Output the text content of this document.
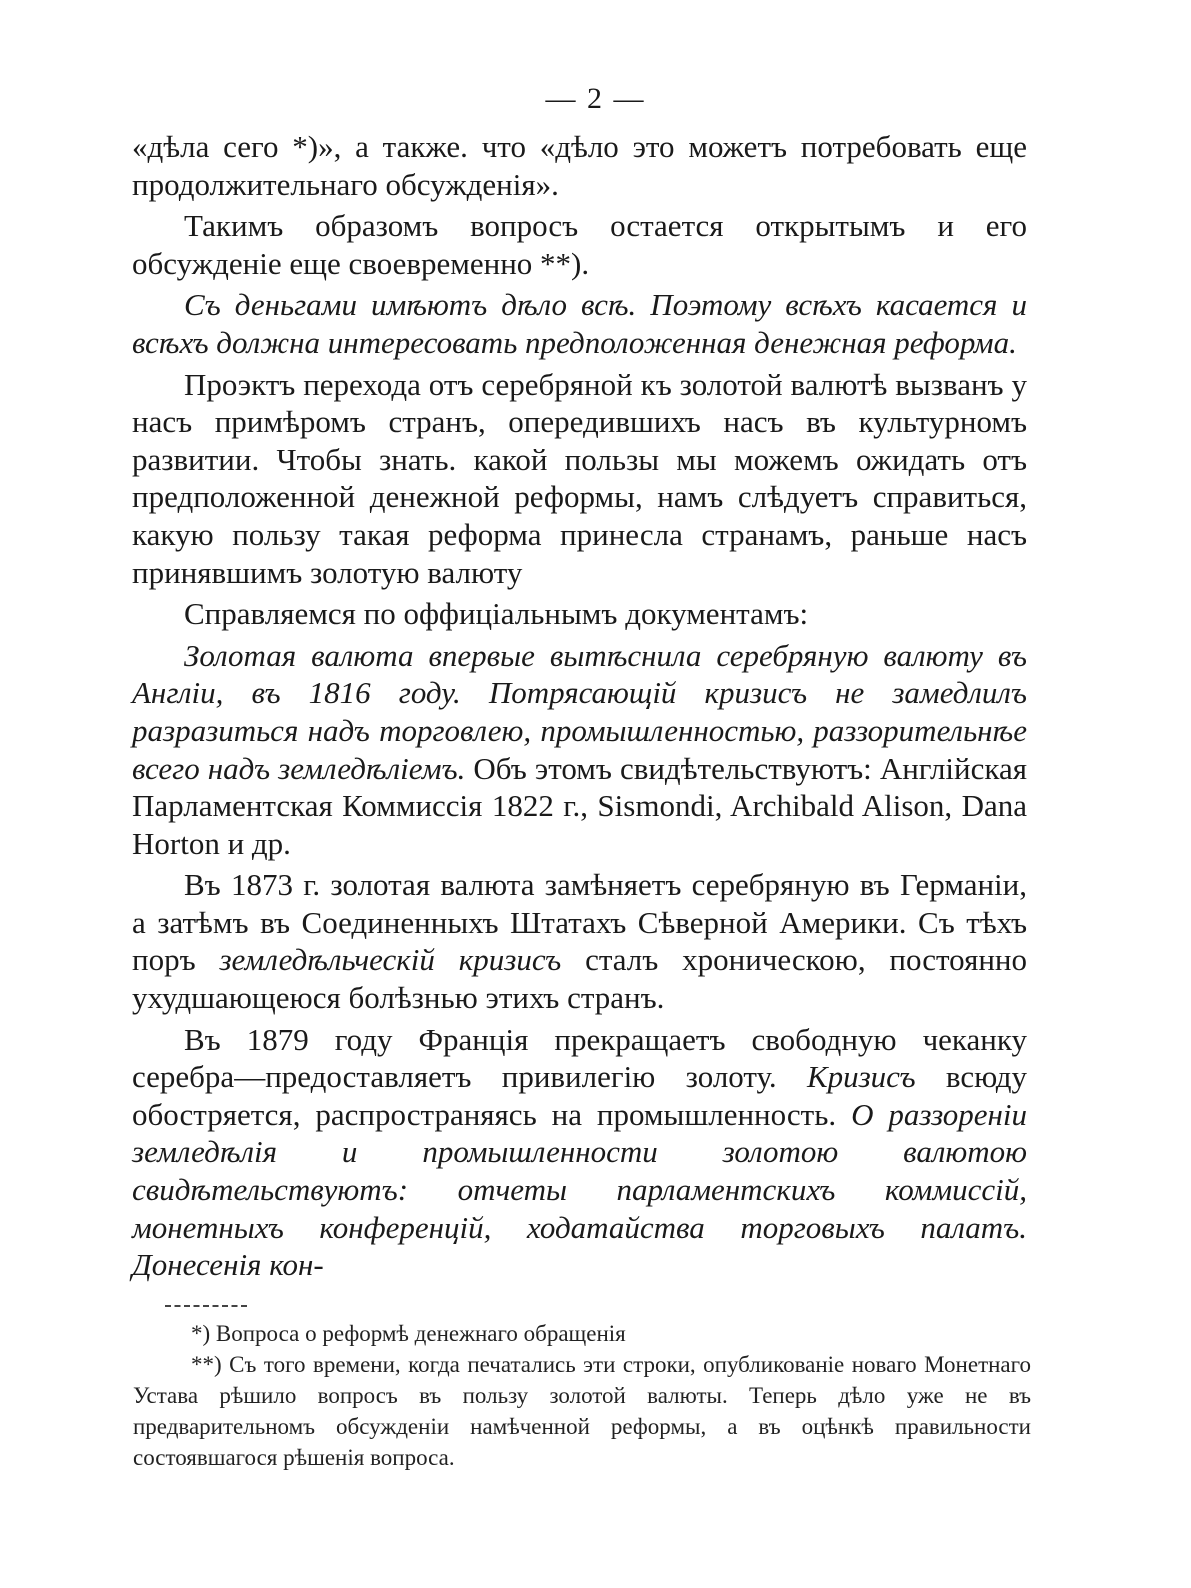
— 2 —

«дѣла сего *)», а также. что «дѣло это можетъ потребовать еще продолжительнаго обсужденія».

Такимъ образомъ вопросъ остается открытымъ и его обсужденіе еще своевременно **).

Съ деньгами имѣютъ дѣло всѣ. Поэтому всѣхъ касается и всѣхъ должна интересовать предположенная денежная реформа.

Проэктъ перехода отъ серебряной къ золотой валютѣ вызванъ у насъ примѣромъ странъ, опередившихъ насъ въ культурномъ развитии. Чтобы знать. какой пользы мы можемъ ожидать отъ предположенной денежной реформы, намъ слѣдуетъ справиться, какую пользу такая реформа принесла странамъ, раньше насъ принявшимъ золотую валюту

Справляемся по оффиціальнымъ документамъ:

Золотая валюта впервые вытѣснила серебряную валюту въ Англіи, въ 1816 году. Потрясающій кризисъ не замедлилъ разразиться надъ торговлею, промышленностью, раззорительнѣе всего надъ земледѣліемъ. Объ этомъ свидѣтельствуютъ: Англійская Парламентская Коммиссія 1822 г., Sismondi, Archibald Alison, Dana Horton и др.

Въ 1873 г. золотая валюта замѣняетъ серебряную въ Германіи, а затѣмъ въ Соединенныхъ Штатахъ Сѣверной Америки. Съ тѣхъ поръ земледѣльческій кризисъ сталъ хроническою, постоянно ухудшающеюся болѣзнью этихъ странъ.

Въ 1879 году Франція прекращаетъ свободную чеканку серебра—предоставляетъ привилегію золоту. Кризисъ всюду обостряется, распространяясь на промышленность. О раззореніи земледѣлія и промышленности золотою валютою свидѣтельствуютъ: отчеты парламентскихъ коммиссій, монетныхъ конференцій, ходатайства торговыхъ палатъ. Донесенія кон-

*) Вопроса о реформѣ денежнаго обращенія

**) Съ того времени, когда печатались эти строки, опубликованіе новаго Монетнаго Устава рѣшило вопросъ въ пользу золотой валюты. Теперь дѣло уже не въ предварительномъ обсужденіи намѣченной реформы, а въ оцѣнкѣ правильности состоявшагося рѣшенія вопроса.
